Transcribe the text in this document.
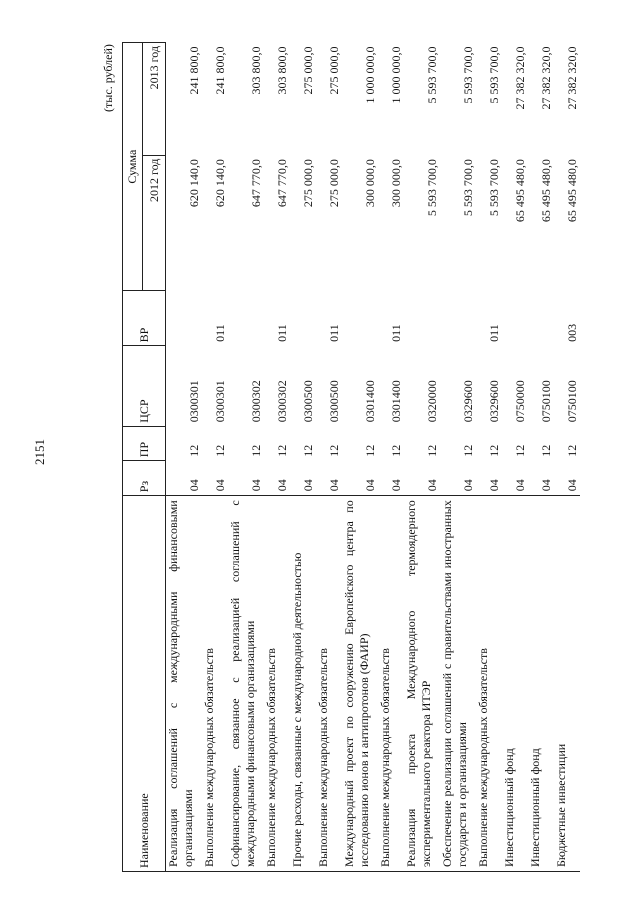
2151
(тыс. рублей)
Наименование	Рз	ПР	ЦСР	ВР	Сумма	
					2012 год	2013 год
Реализация соглашений с международными финансовыми организациями	04	12	0300301		620 140,0	241 800,0
Выполнение международных обязательств	04	12	0300301	011	620 140,0	241 800,0
Софинансирование, связанное с реализацией соглашений с международными финансовыми организациями	04	12	0300302		647 770,0	303 800,0
Выполнение международных обязательств	04	12	0300302	011	647 770,0	303 800,0
Прочие расходы, связанные с международной деятельностью	04	12	0300500		275 000,0	275 000,0
Выполнение международных обязательств	04	12	0300500	011	275 000,0	275 000,0
Международный проект по сооружению Европейского центра по исследованию ионов и антипротонов (ФАИР)	04	12	0301400		300 000,0	1 000 000,0
Выполнение международных обязательств	04	12	0301400	011	300 000,0	1 000 000,0
Реализация проекта Международного термоядерного экспериментального реактора ИТЭР	04	12	0320000		5 593 700,0	5 593 700,0
Обеспечение реализации соглашений с правительствами иностранных государств и организациями	04	12	0329600		5 593 700,0	5 593 700,0
Выполнение международных обязательств	04	12	0329600	011	5 593 700,0	5 593 700,0
Инвестиционный фонд	04	12	0750000		65 495 480,0	27 382 320,0
Инвестиционный фонд	04	12	0750100		65 495 480,0	27 382 320,0
Бюджетные инвестиции	04	12	0750100	003	65 495 480,0	27 382 320,0
